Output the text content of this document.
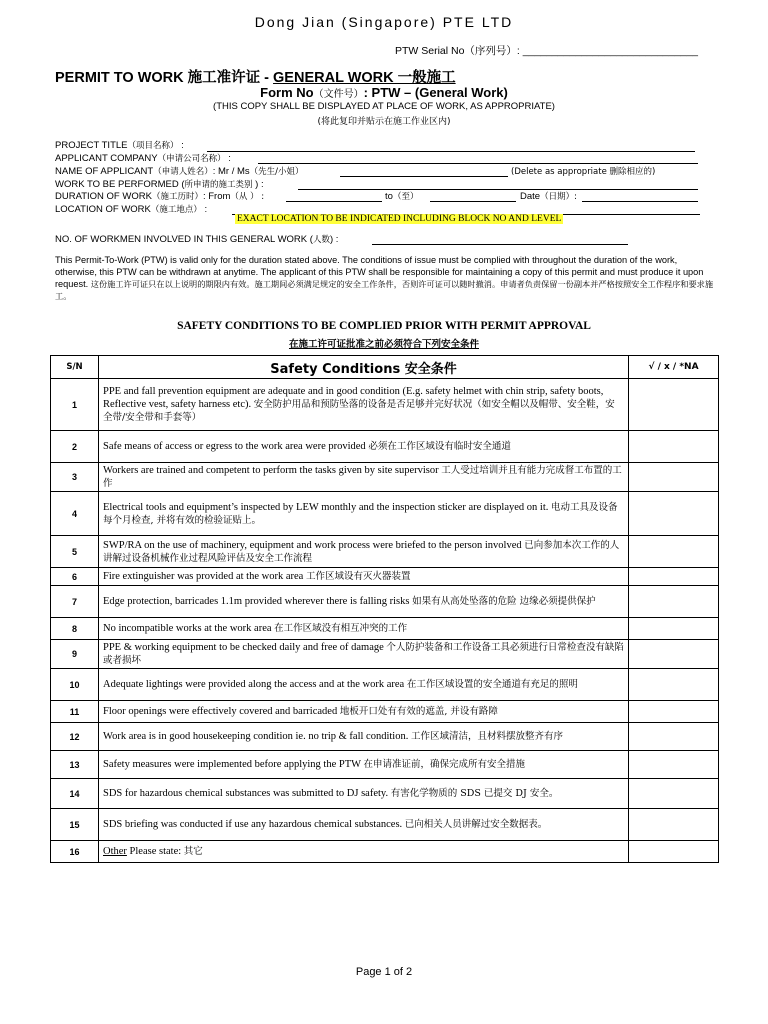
Dong Jian (Singapore) PTE LTD
PTW Serial No（序列号）: ______________________________
PERMIT TO WORK 施工准许证 - GENERAL WORK 一般施工
Form No（文件号）: PTW – (General Work)
(THIS COPY SHALL BE DISPLAYED AT PLACE OF WORK, AS APPROPRIATE)
(将此复印并贴示在施工作业区内)
PROJECT TITLE（项目名称） :
APPLICANT COMPANY（申请公司名称） :
NAME OF APPLICANT（申请人姓名）: Mr / Ms（先生/小姐）	(Delete as appropriate 删除相应的)
WORK TO BE PERFORMED (所申请的施工类别 ) :
DURATION OF WORK（施工历时）: From（从 ） :	to（至）	Date（日期）:
LOCATION OF WORK（施工地点） :
EXACT LOCATION TO BE INDICATED INCLUDING BLOCK NO AND LEVEL
NO. OF WORKMEN INVOLVED IN THIS GENERAL WORK (人数) :
This Permit-To-Work (PTW) is valid only for the duration stated above. The conditions of issue must be complied with throughout the duration of the work, otherwise, this PTW can be withdrawn at anytime. The applicant of this PTW shall be responsible for maintaining a copy of this permit and must produce it upon request. 这份施工许可证只在以上说明的期限内有效。施工期间必须满足规定的安全工作条件，否则许可证可以随时撤消。申请者负责保留一份副本并严格按照安全工作程序和要求施工。
SAFETY CONDITIONS TO BE COMPLIED PRIOR WITH PERMIT APPROVAL
在施工许可证批准之前必须符合下列安全条件
S/N	Safety Conditions 安全条件	√ / x / *NA
1	PPE and fall prevention equipment are adequate and in good condition (E.g. safety helmet with chin strip, safety boots, Reflective vest, safety harness etc). 安全防护用品和预防坠落的设备是否足够并完好状况（如安全帽以及帽带、安全鞋，安全带/安全带和手套等）	
2	Safe means of access or egress to the work area were provided 必须在工作区域设有临时安全通道	
3	Workers are trained and competent to perform the tasks given by site supervisor 工人受过培训并且有能力完成督工布置的工作	
4	Electrical tools and equipment’s inspected by LEW monthly and the inspection sticker are displayed on it. 电动工具及设备每个月检查, 并将有效的检验证贴上。	
5	SWP/RA on the use of machinery, equipment and work process were briefed to the person involved 已向参加本次工作的人讲解过设备机械作业过程风险评估及安全工作流程	
6	Fire extinguisher was provided at the work area 工作区域设有灭火器装置	
7	Edge protection, barricades 1.1m provided wherever there is falling risks 如果有从高处坠落的危险 边缘必须提供保护	
8	No incompatible works at the work area 在工作区域没有相互冲突的工作	
9	PPE & working equipment to be checked daily and free of damage 个人防护装备和工作设备工具必须进行日常检查没有缺陷或者损坏	
10	Adequate lightings were provided along the access and at the work area 在工作区域设置的安全通道有充足的照明	
11	Floor openings were effectively covered and barricaded 地板开口处有有效的遮盖, 并设有路障	
12	Work area is in good housekeeping condition ie. no trip & fall condition. 工作区域清洁，且材料摆放整齐有序	
13	Safety measures were implemented before applying the PTW 在申请准证前，确保完成所有安全措施	
14	SDS for hazardous chemical substances was submitted to DJ safety. 有害化学物质的 SDS 已提交 DJ 安全。	
15	SDS briefing was conducted if use any hazardous chemical substances. 已向相关人员讲解过安全数据表。	
16	Other Please state: 其它	
Page 1 of 2
